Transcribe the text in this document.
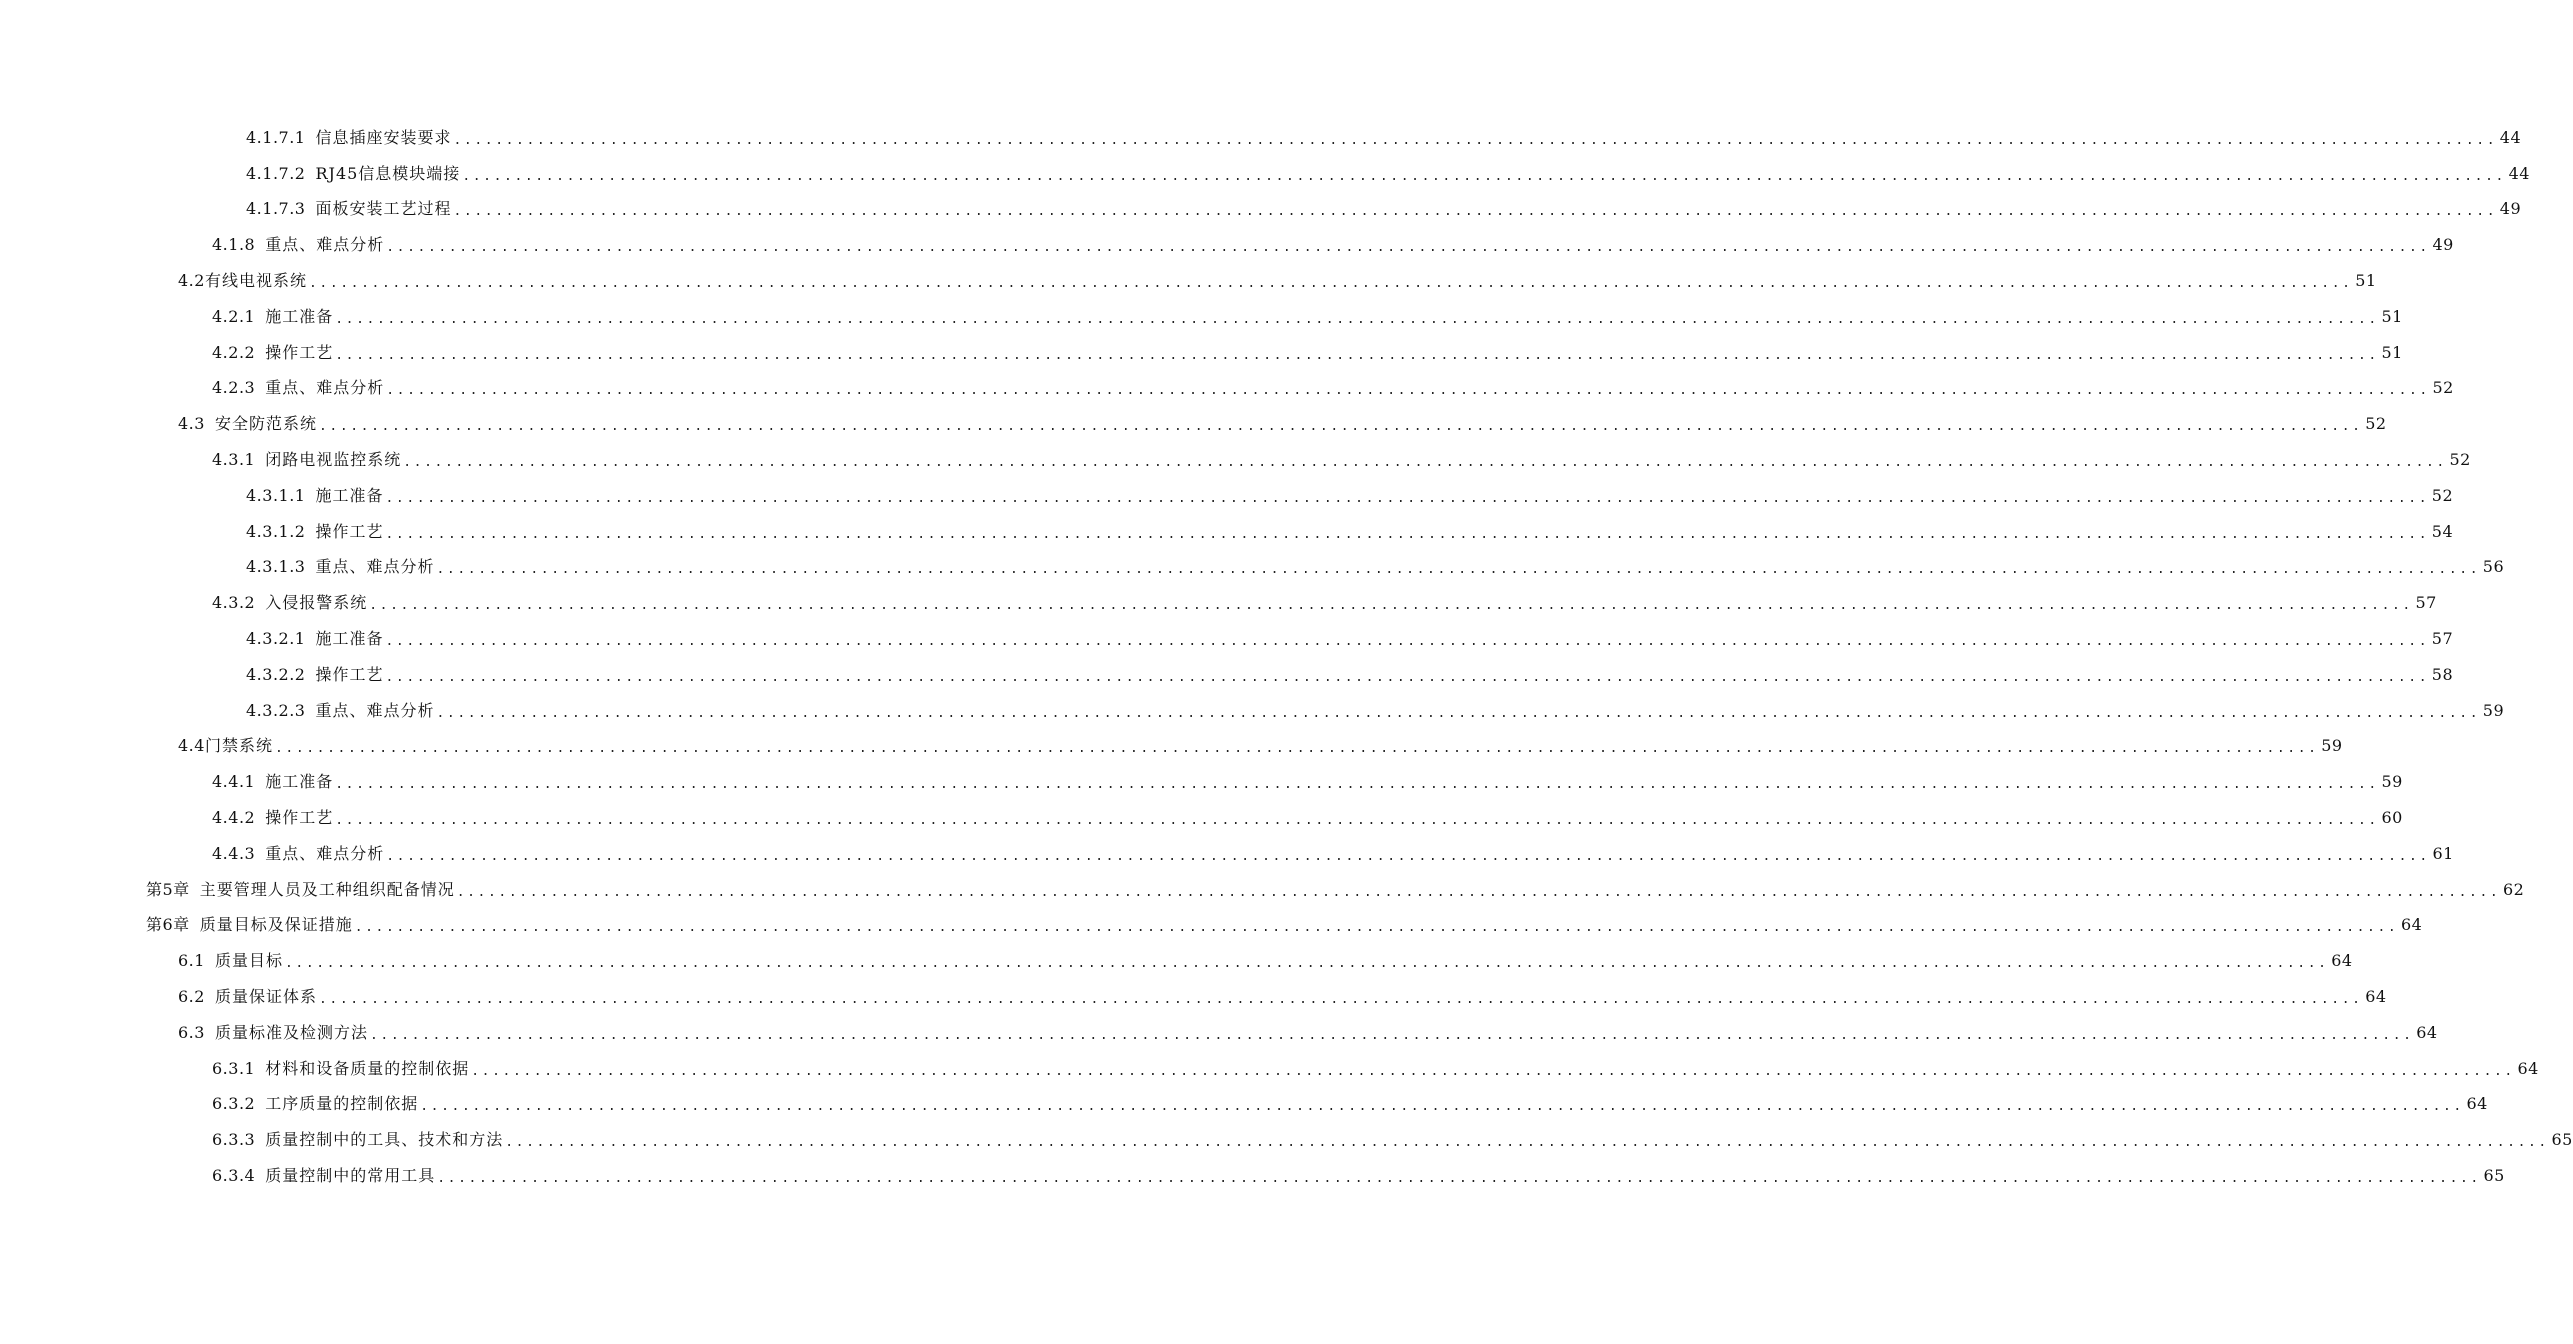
4.1.7.1 信息插座安装要求 .................................................................................................................................................................................................... 44
4.1.7.2 RJ45信息模块端接 .................................................................................................................................................................................................... 44
4.1.7.3 面板安装工艺过程 .................................................................................................................................................................................................... 49
4.1.8 重点、难点分析 .................................................................................................................................................................................................... 49
4.2 有线电视系统 .................................................................................................................................................................................................... 51
4.2.1 施工准备 .................................................................................................................................................................................................... 51
4.2.2 操作工艺 .................................................................................................................................................................................................... 51
4.2.3 重点、难点分析 .................................................................................................................................................................................................... 52
4.3 安全防范系统 .................................................................................................................................................................................................... 52
4.3.1 闭路电视监控系统 .................................................................................................................................................................................................... 52
4.3.1.1 施工准备 .................................................................................................................................................................................................... 52
4.3.1.2 操作工艺 .................................................................................................................................................................................................... 54
4.3.1.3 重点、难点分析 .................................................................................................................................................................................................... 56
4.3.2 入侵报警系统 .................................................................................................................................................................................................... 57
4.3.2.1 施工准备 .................................................................................................................................................................................................... 57
4.3.2.2 操作工艺 .................................................................................................................................................................................................... 58
4.3.2.3 重点、难点分析 .................................................................................................................................................................................................... 59
4.4 门禁系统 .................................................................................................................................................................................................... 59
4.4.1 施工准备 .................................................................................................................................................................................................... 59
4.4.2 操作工艺 .................................................................................................................................................................................................... 60
4.4.3 重点、难点分析 .................................................................................................................................................................................................... 61
第5章 主要管理人员及工种组织配备情况 .................................................................................................................................................................................................... 62
第6章 质量目标及保证措施 .................................................................................................................................................................................................... 64
6.1 质量目标 .................................................................................................................................................................................................... 64
6.2 质量保证体系 .................................................................................................................................................................................................... 64
6.3 质量标准及检测方法 .................................................................................................................................................................................................... 64
6.3.1 材料和设备质量的控制依据 .................................................................................................................................................................................................... 64
6.3.2 工序质量的控制依据 .................................................................................................................................................................................................... 64
6.3.3 质量控制中的工具、技术和方法 .................................................................................................................................................................................................... 65
6.3.4 质量控制中的常用工具 .................................................................................................................................................................................................... 65
